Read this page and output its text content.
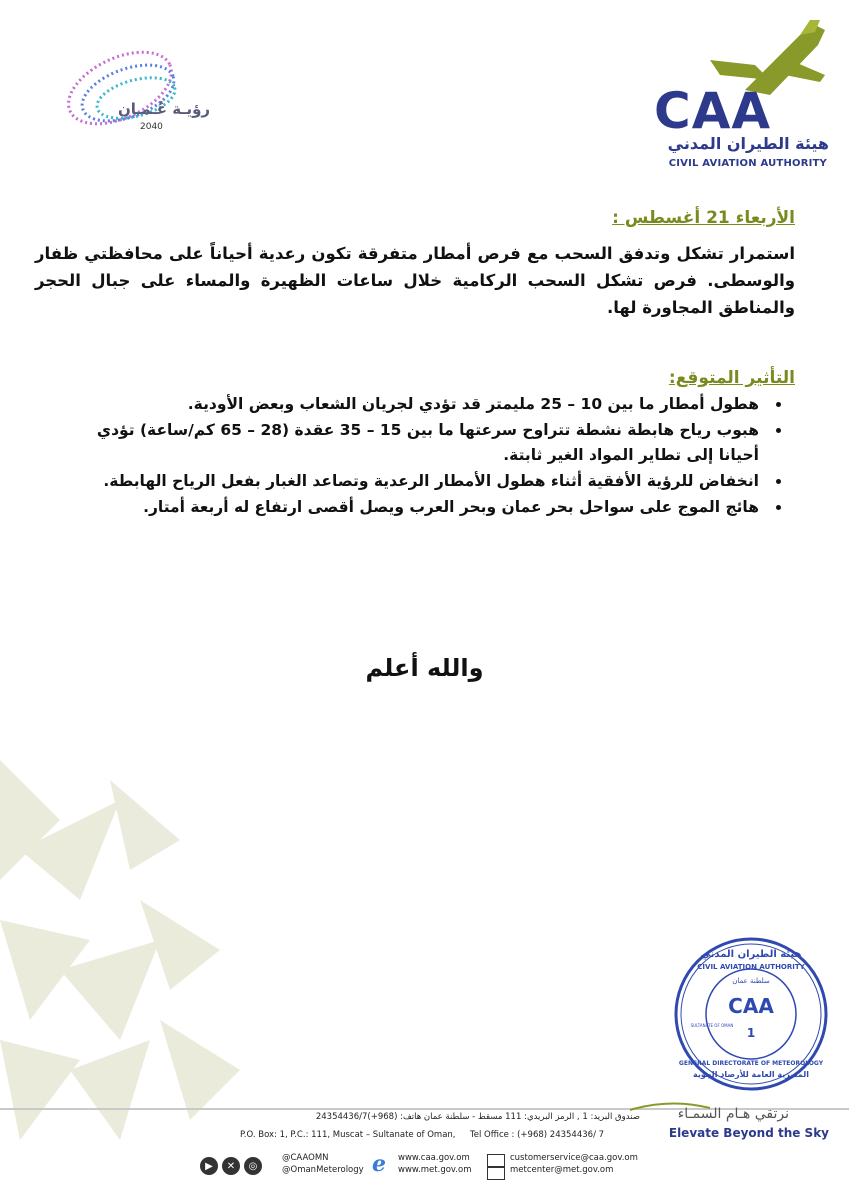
رؤيـة عُـمـان
2040	CAA
هيئة الطيران المدني
CIVIL AVIATION AUTHORITY
الأربعاء 21 أغسطس :
استمرار تشكل وتدفق السحب مع فرص أمطار متفرقة تكون رعدية أحياناً على محافظتي ظفار والوسطى. فرص تشكل السحب الركامية خلال ساعات الظهيرة والمساء على جبال الحجر والمناطق المجاورة لها.
التأثير المتوقع:
• هطول أمطار ما بين 10 – 25 مليمتر قد تؤدي لجريان الشعاب وبعض الأودية.
• هبوب رياح هابطة نشطة تتراوح سرعتها ما بين 15 – 35 عقدة (28 – 65 كم/ساعة) تؤدي أحيانا إلى تطاير المواد الغير ثابتة.
• انخفاض للرؤية الأفقية أثناء هطول الأمطار الرعدية وتصاعد الغبار بفعل الرياح الهابطة.
• هائج الموج على سواحل بحر عمان وبحر العرب ويصل أقصى ارتفاع له أربعة أمتار.
والله أعلم
هيئة الطيران المدني
CIVIL AVIATION AUTHORITY
سلطنة عمان
CAA
1
GENERAL DIRECTORATE OF METEOROLOGY
المديرية العامة للأرصاد الجوية
SULTANATE OF OMAN
نرتقي هـام السمـاء
Elevate Beyond the Sky
صندوق البريد: 1 , الرمز البريدي: 111 مسقط - سلطنة عمان هاتف: (968+)24354436/7
P.O. Box: 1, P.C.: 111, Muscat – Sultanate of Oman,	Tel Office : (+968) 24354436/ 7
▶	✕	◎
@CAAOMN
@OmanMeterology e www.caa.gov.om
www.met.gov.om
customerservice@caa.gov.om
metcenter@met.gov.om
